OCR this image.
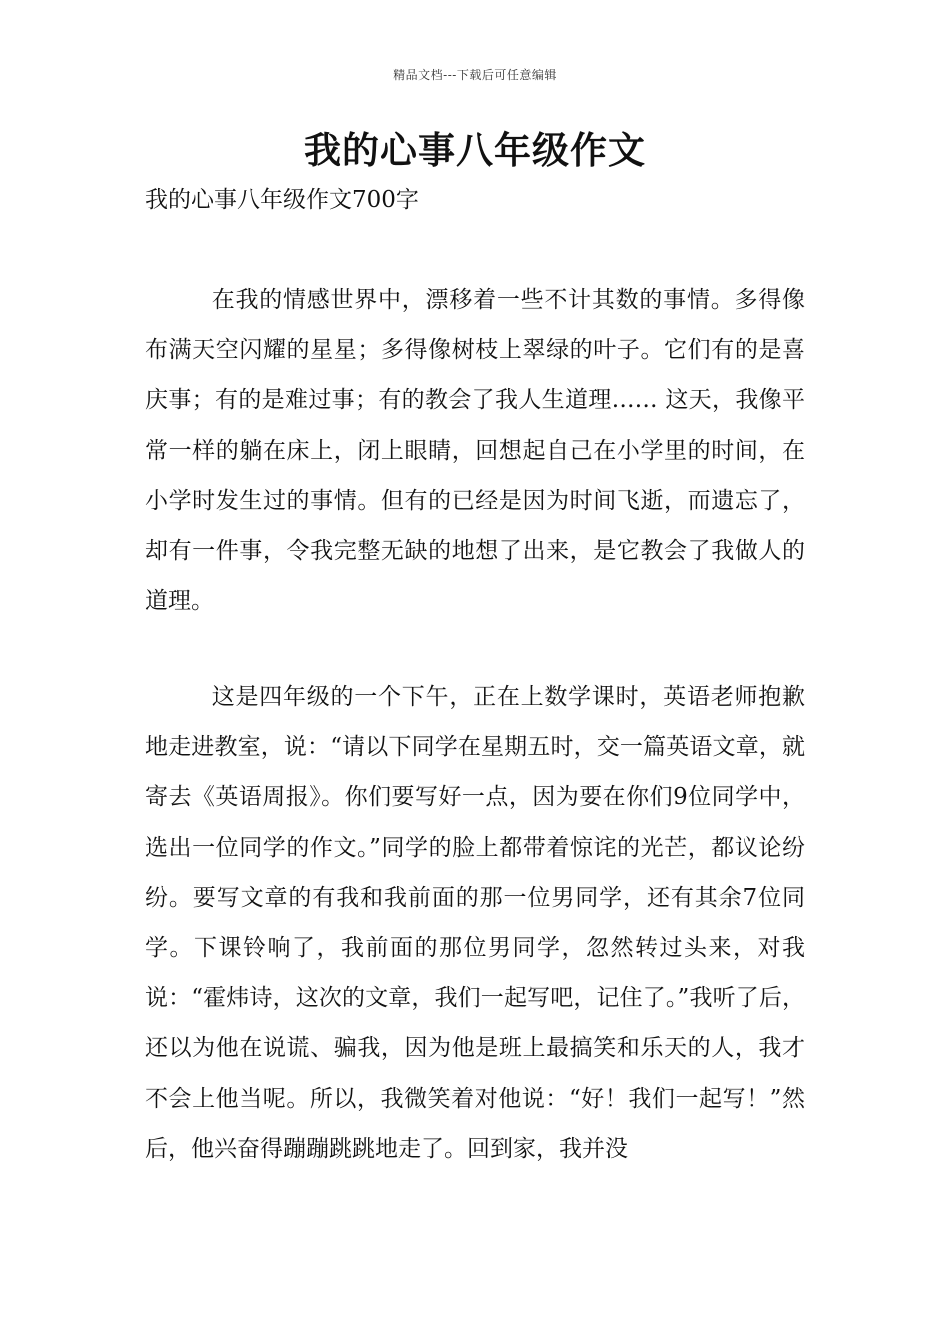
精品文档---下载后可任意编辑
我的心事八年级作文
我的心事八年级作文700字

在我的情感世界中，漂移着一些不计其数的事情。多得像布满天空闪耀的星星；多得像树枝上翠绿的叶子。它们有的是喜庆事；有的是难过事；有的教会了我人生道理…… 这天，我像平常一样的躺在床上，闭上眼睛，回想起自己在小学里的时间，在小学时发生过的事情。但有的已经是因为时间飞逝，而遗忘了，却有一件事，令我完整无缺的地想了出来，是它教会了我做人的道理。

这是四年级的一个下午，正在上数学课时，英语老师抱歉地走进教室，说：“请以下同学在星期五时，交一篇英语文章，就寄去《英语周报》。你们要写好一点，因为要在你们9位同学中，选出一位同学的作文。”同学的脸上都带着惊诧的光芒，都议论纷纷。要写文章的有我和我前面的那一位男同学，还有其余7位同学。下课铃响了，我前面的那位男同学，忽然转过头来，对我说：“霍炜诗，这次的文章，我们一起写吧，记住了。”我听了后，还以为他在说谎、骗我，因为他是班上最搞笑和乐天的人，我才不会上他当呢。所以，我微笑着对他说：“好！我们一起写！”然后，他兴奋得蹦蹦跳跳地走了。回到家，我并没
